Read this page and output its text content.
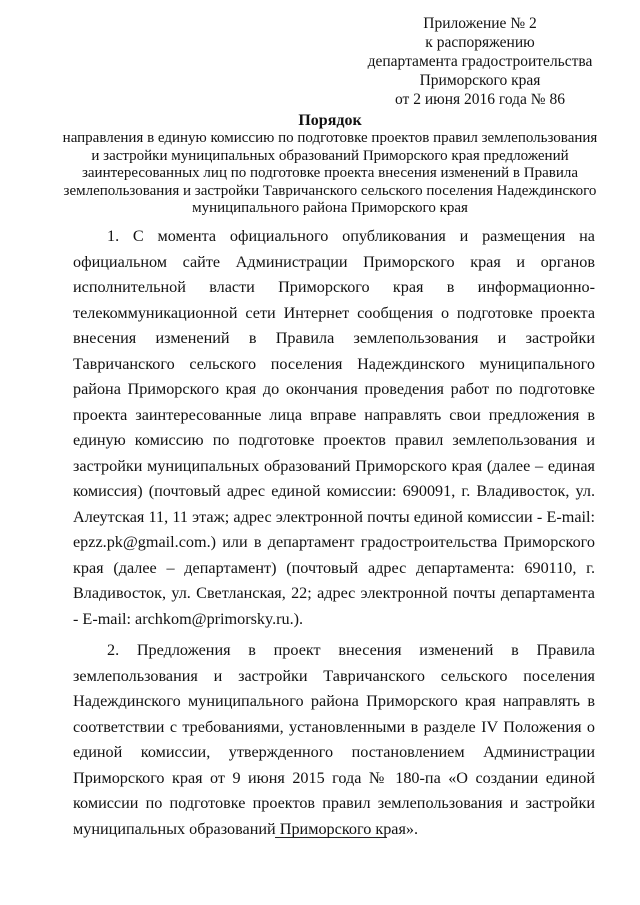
Приложение № 2
к распоряжению
департамента градостроительства
Приморского края
от 2 июня 2016 года № 86
Порядок
направления в единую комиссию по подготовке проектов правил землепользования и застройки муниципальных образований Приморского края предложений заинтересованных лиц по подготовке проекта внесения изменений в Правила землепользования и застройки Тавричанского сельского поселения Надеждинского муниципального района Приморского края

1. С момента официального опубликования и размещения на официальном сайте Администрации Приморского края и органов исполнительной власти Приморского края в информационно-телекоммуникационной сети Интернет сообщения о подготовке проекта внесения изменений в Правила землепользования и застройки Тавричанского сельского поселения Надеждинского муниципального района Приморского края до окончания проведения работ по подготовке проекта заинтересованные лица вправе направлять свои предложения в единую комиссию по подготовке проектов правил землепользования и застройки муниципальных образований Приморского края (далее – единая комиссия) (почтовый адрес единой комиссии: 690091, г. Владивосток, ул. Алеутская 11, 11 этаж; адрес электронной почты единой комиссии - E-mail: epzz.pk@gmail.com.) или в департамент градостроительства Приморского края (далее – департамент) (почтовый адрес департамента: 690110, г. Владивосток, ул. Светланская, 22; адрес электронной почты департамента - E-mail: archkom@primorsky.ru.).

2. Предложения в проект внесения изменений в Правила землепользования и застройки Тавричанского сельского поселения Надеждинского муниципального района Приморского края направлять в соответствии с требованиями, установленными в разделе IV Положения о единой комиссии, утвержденного постановлением Администрации Приморского края от 9 июня 2015 года № 180-па «О создании единой комиссии по подготовке проектов правил землепользования и застройки муниципальных образований Приморского края».
